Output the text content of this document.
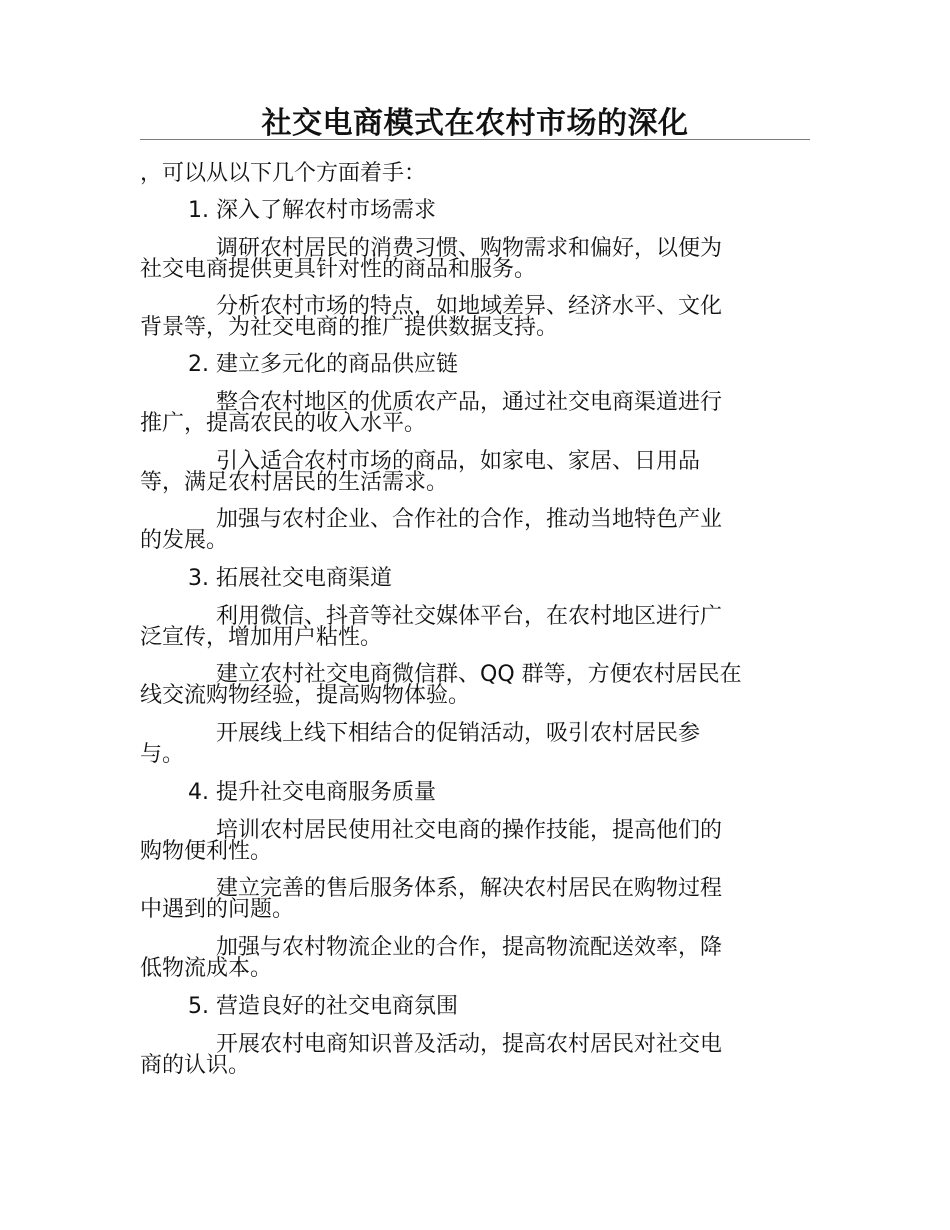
社交电商模式在农村市场的深化
，可以从以下几个方面着手：
1. 深入了解农村市场需求
调研农村居民的消费习惯、购物需求和偏好，以便为
社交电商提供更具针对性的商品和服务。
分析农村市场的特点，如地域差异、经济水平、文化
背景等，为社交电商的推广提供数据支持。
2. 建立多元化的商品供应链
整合农村地区的优质农产品，通过社交电商渠道进行
推广，提高农民的收入水平。
引入适合农村市场的商品，如家电、家居、日用品
等，满足农村居民的生活需求。
加强与农村企业、合作社的合作，推动当地特色产业
的发展。
3. 拓展社交电商渠道
利用微信、抖音等社交媒体平台，在农村地区进行广
泛宣传，增加用户粘性。
建立农村社交电商微信群、QQ 群等，方便农村居民在
线交流购物经验，提高购物体验。
开展线上线下相结合的促销活动，吸引农村居民参
与。
4. 提升社交电商服务质量
培训农村居民使用社交电商的操作技能，提高他们的
购物便利性。
建立完善的售后服务体系，解决农村居民在购物过程
中遇到的问题。
加强与农村物流企业的合作，提高物流配送效率，降
低物流成本。
5. 营造良好的社交电商氛围
开展农村电商知识普及活动，提高农村居民对社交电
商的认识。
